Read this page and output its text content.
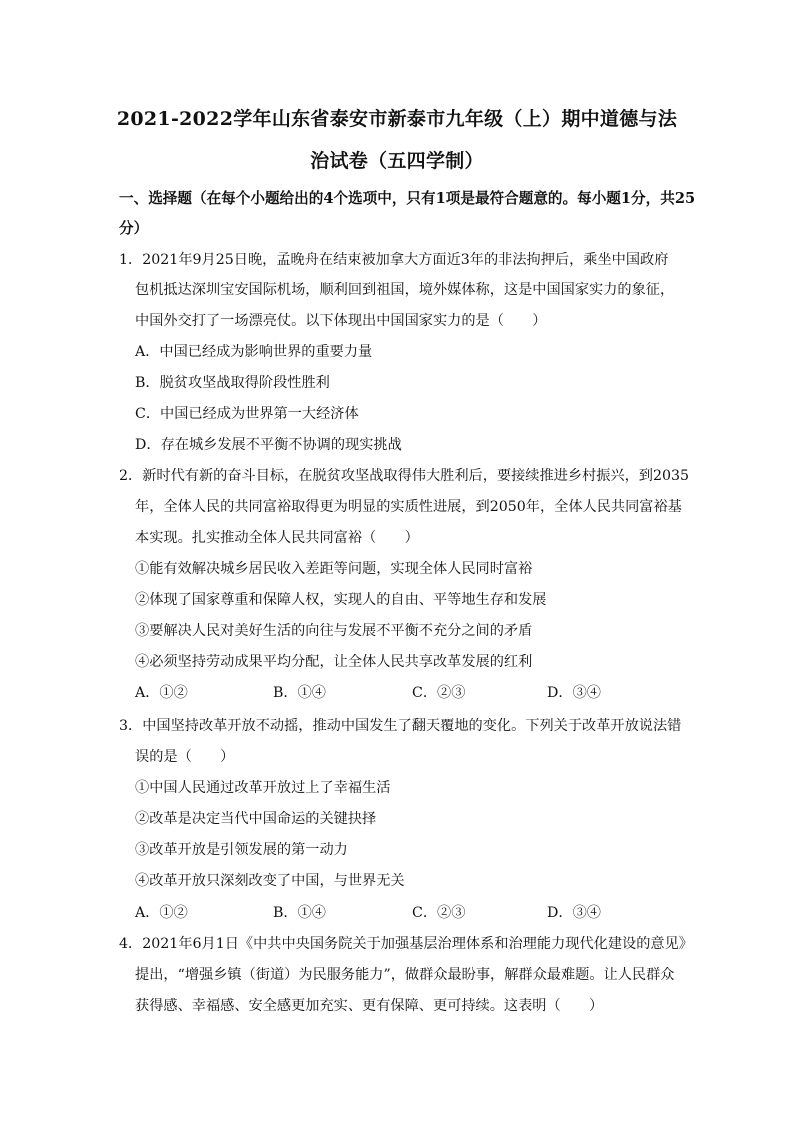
2021-2022学年山东省泰安市新泰市九年级（上）期中道德与法
治试卷（五四学制）
一、选择题（在每个小题给出的4个选项中，只有1项是最符合题意的。每小题1分，共25
分）
1．2021年9月25日晚，孟晚舟在结束被加拿大方面近3年的非法拘押后，乘坐中国政府
包机抵达深圳宝安国际机场，顺利回到祖国，境外媒体称，这是中国国家实力的象征，
中国外交打了一场漂亮仗。以下体现出中国国家实力的是（　　）
A．中国已经成为影响世界的重要力量
B．脱贫攻坚战取得阶段性胜利
C．中国已经成为世界第一大经济体
D．存在城乡发展不平衡不协调的现实挑战
2．新时代有新的奋斗目标，在脱贫攻坚战取得伟大胜利后，要接续推进乡村振兴，到2035
年，全体人民的共同富裕取得更为明显的实质性进展，到2050年，全体人民共同富裕基
本实现。扎实推动全体人民共同富裕（　　）
①能有效解决城乡居民收入差距等问题，实现全体人民同时富裕
②体现了国家尊重和保障人权，实现人的自由、平等地生存和发展
③要解决人民对美好生活的向往与发展不平衡不充分之间的矛盾
④必须坚持劳动成果平均分配，让全体人民共享改革发展的红利
A．①②	B．①④	C．②③	D．③④
3．中国坚持改革开放不动摇，推动中国发生了翻天覆地的变化。下列关于改革开放说法错
误的是（　　）
①中国人民通过改革开放过上了幸福生活
②改革是决定当代中国命运的关键抉择
③改革开放是引领发展的第一动力
④改革开放只深刻改变了中国，与世界无关
A．①②	B．①④	C．②③	D．③④
4．2021年6月1日《中共中央国务院关于加强基层治理体系和治理能力现代化建设的意见》
提出，“增强乡镇（街道）为民服务能力”，做群众最盼事，解群众最难题。让人民群众
获得感、幸福感、安全感更加充实、更有保障、更可持续。这表明（　　）
